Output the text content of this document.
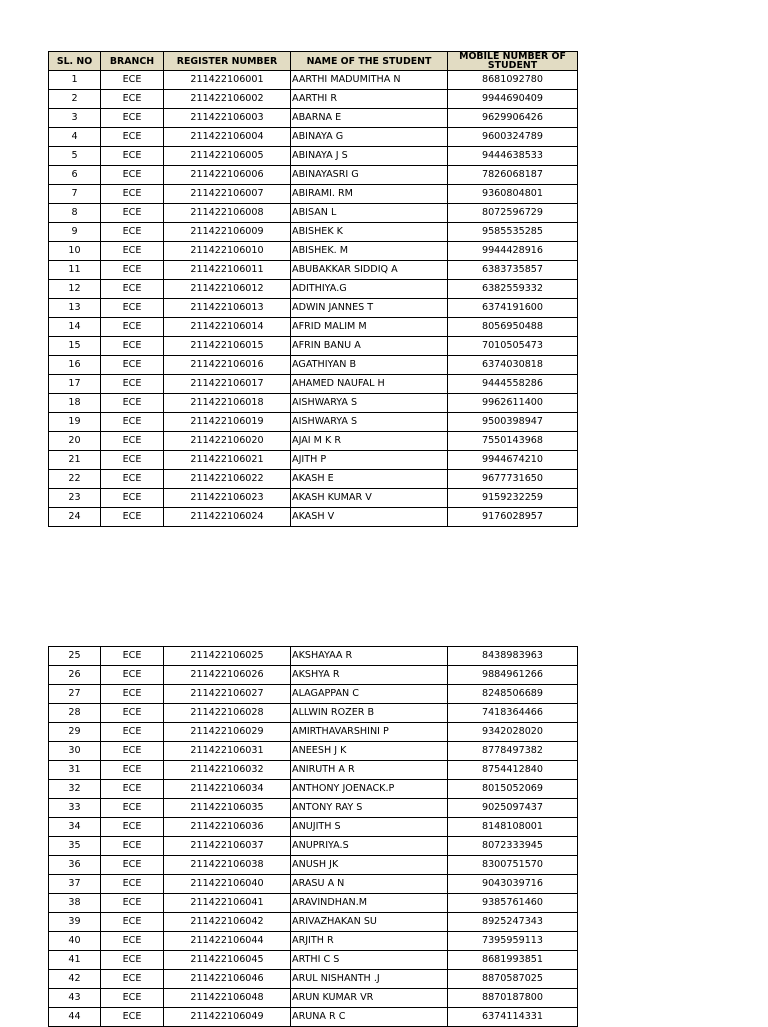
SL. NO	BRANCH	REGISTER NUMBER	NAME OF THE STUDENT	MOBILE NUMBER OF STUDENT
1	ECE	211422106001	AARTHI MADUMITHA N	8681092780
2	ECE	211422106002	AARTHI R	9944690409
3	ECE	211422106003	ABARNA E	9629906426
4	ECE	211422106004	ABINAYA G	9600324789
5	ECE	211422106005	ABINAYA J S	9444638533
6	ECE	211422106006	ABINAYASRI G	7826068187
7	ECE	211422106007	ABIRAMI. RM	9360804801
8	ECE	211422106008	ABISAN L	8072596729
9	ECE	211422106009	ABISHEK K	9585535285
10	ECE	211422106010	ABISHEK. M	9944428916
11	ECE	211422106011	ABUBAKKAR SIDDIQ A	6383735857
12	ECE	211422106012	ADITHIYA.G	6382559332
13	ECE	211422106013	ADWIN JANNES T	6374191600
14	ECE	211422106014	AFRID MALIM M	8056950488
15	ECE	211422106015	AFRIN BANU A	7010505473
16	ECE	211422106016	AGATHIYAN B	6374030818
17	ECE	211422106017	AHAMED NAUFAL H	9444558286
18	ECE	211422106018	AISHWARYA S	9962611400
19	ECE	211422106019	AISHWARYA S	9500398947
20	ECE	211422106020	AJAI M K R	7550143968
21	ECE	211422106021	AJITH P	9944674210
22	ECE	211422106022	AKASH E	9677731650
23	ECE	211422106023	AKASH KUMAR V	9159232259
24	ECE	211422106024	AKASH V	9176028957
25	ECE	211422106025	AKSHAYAA R	8438983963
26	ECE	211422106026	AKSHYA R	9884961266
27	ECE	211422106027	ALAGAPPAN C	8248506689
28	ECE	211422106028	ALLWIN ROZER B	7418364466
29	ECE	211422106029	AMIRTHAVARSHINI P	9342028020
30	ECE	211422106031	ANEESH J K	8778497382
31	ECE	211422106032	ANIRUTH A R	8754412840
32	ECE	211422106034	ANTHONY JOENACK.P	8015052069
33	ECE	211422106035	ANTONY RAY S	9025097437
34	ECE	211422106036	ANUJITH S	8148108001
35	ECE	211422106037	ANUPRIYA.S	8072333945
36	ECE	211422106038	ANUSH JK	8300751570
37	ECE	211422106040	ARASU A N	9043039716
38	ECE	211422106041	ARAVINDHAN.M	9385761460
39	ECE	211422106042	ARIVAZHAKAN SU	8925247343
40	ECE	211422106044	ARJITH R	7395959113
41	ECE	211422106045	ARTHI C S	8681993851
42	ECE	211422106046	ARUL NISHANTH .J	8870587025
43	ECE	211422106048	ARUN KUMAR VR	8870187800
44	ECE	211422106049	ARUNA R C	6374114331
